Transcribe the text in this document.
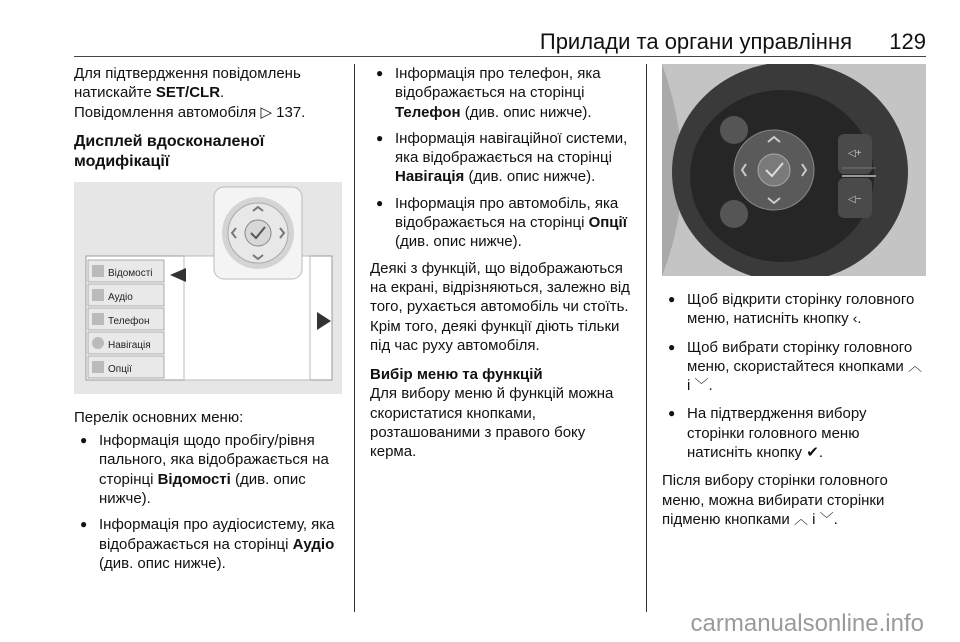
Прилади та органи управління 129

Для підтвердження повідомлень
натискайте SET/CLR.

Повідомлення автомобіля ▷ 137.

Дисплей вдосконаленої
модифікації

Відомості
Аудіо
Телефон
Навігація
Опції

Перелік основних меню:

● Інформація щодо пробігу/рівня пального, яка відображається на сторінці Відомості (див. опис нижче).
● Інформація про аудіосистему, яка відображається на сторінці Аудіо (див. опис нижче).
● Інформація про телефон, яка відображається на сторінці Телефон (див. опис нижче).
● Інформація навігаційної системи, яка відображається на сторінці Навігація (див. опис нижче).
● Інформація про автомобіль, яка відображається на сторінці Опції (див. опис нижче).

Деякі з функцій, що відображаються на екрані, відрізняються, залежно від того, рухається автомобіль чи стоїть. Крім того, деякі функції діють тільки під час руху автомобіля.

Вибір меню та функцій

Для вибору меню й функцій можна скористатися кнопками, розташованими з правого боку керма.

◁+
◁−
● Щоб відкрити сторінку головного меню, натисніть кнопку ‹.
● Щоб вибрати сторінку головного меню, скористайтеся кнопками ︿ і ﹀.
● На підтвердження вибору сторінки головного меню натисніть кнопку ✔.

Після вибору сторінки головного меню, можна вибирати сторінки підменю кнопками ︿ і ﹀.

carmanualsonline.info
